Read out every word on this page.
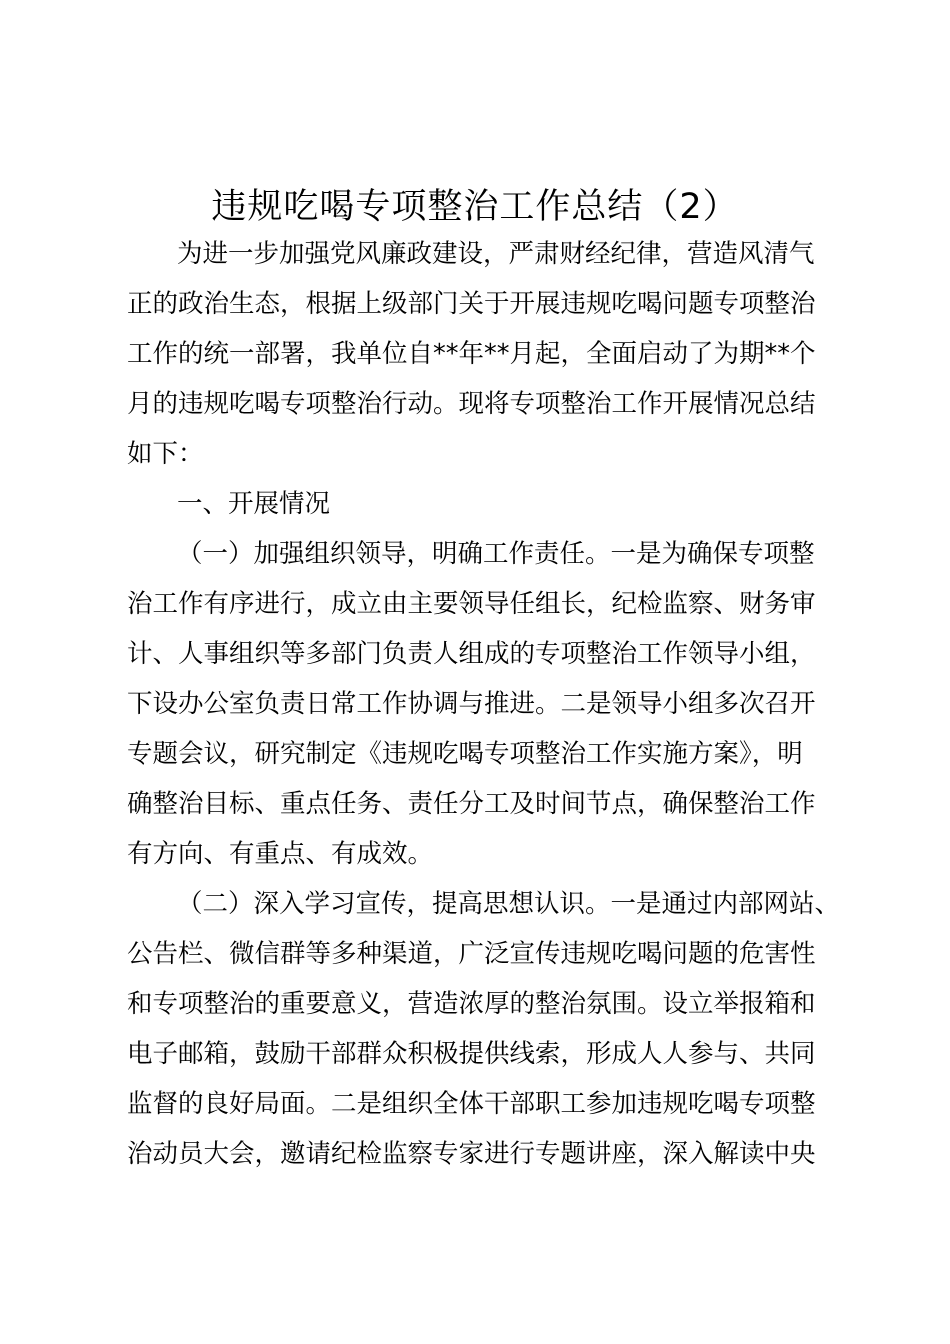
违规吃喝专项整治工作总结（2）
为进一步加强党风廉政建设，严肃财经纪律，营造风清气
正的政治生态，根据上级部门关于开展违规吃喝问题专项整治
工作的统一部署，我单位自**年**月起，全面启动了为期**个
月的违规吃喝专项整治行动。现将专项整治工作开展情况总结
如下：
一、开展情况
（一）加强组织领导，明确工作责任。一是为确保专项整
治工作有序进行，成立由主要领导任组长，纪检监察、财务审
计、人事组织等多部门负责人组成的专项整治工作领导小组，
下设办公室负责日常工作协调与推进。二是领导小组多次召开
专题会议，研究制定《违规吃喝专项整治工作实施方案》，明
确整治目标、重点任务、责任分工及时间节点，确保整治工作
有方向、有重点、有成效。
（二）深入学习宣传，提高思想认识。一是通过内部网站、
公告栏、微信群等多种渠道，广泛宣传违规吃喝问题的危害性
和专项整治的重要意义，营造浓厚的整治氛围。设立举报箱和
电子邮箱，鼓励干部群众积极提供线索，形成人人参与、共同
监督的良好局面。二是组织全体干部职工参加违规吃喝专项整
治动员大会，邀请纪检监察专家进行专题讲座，深入解读中央
